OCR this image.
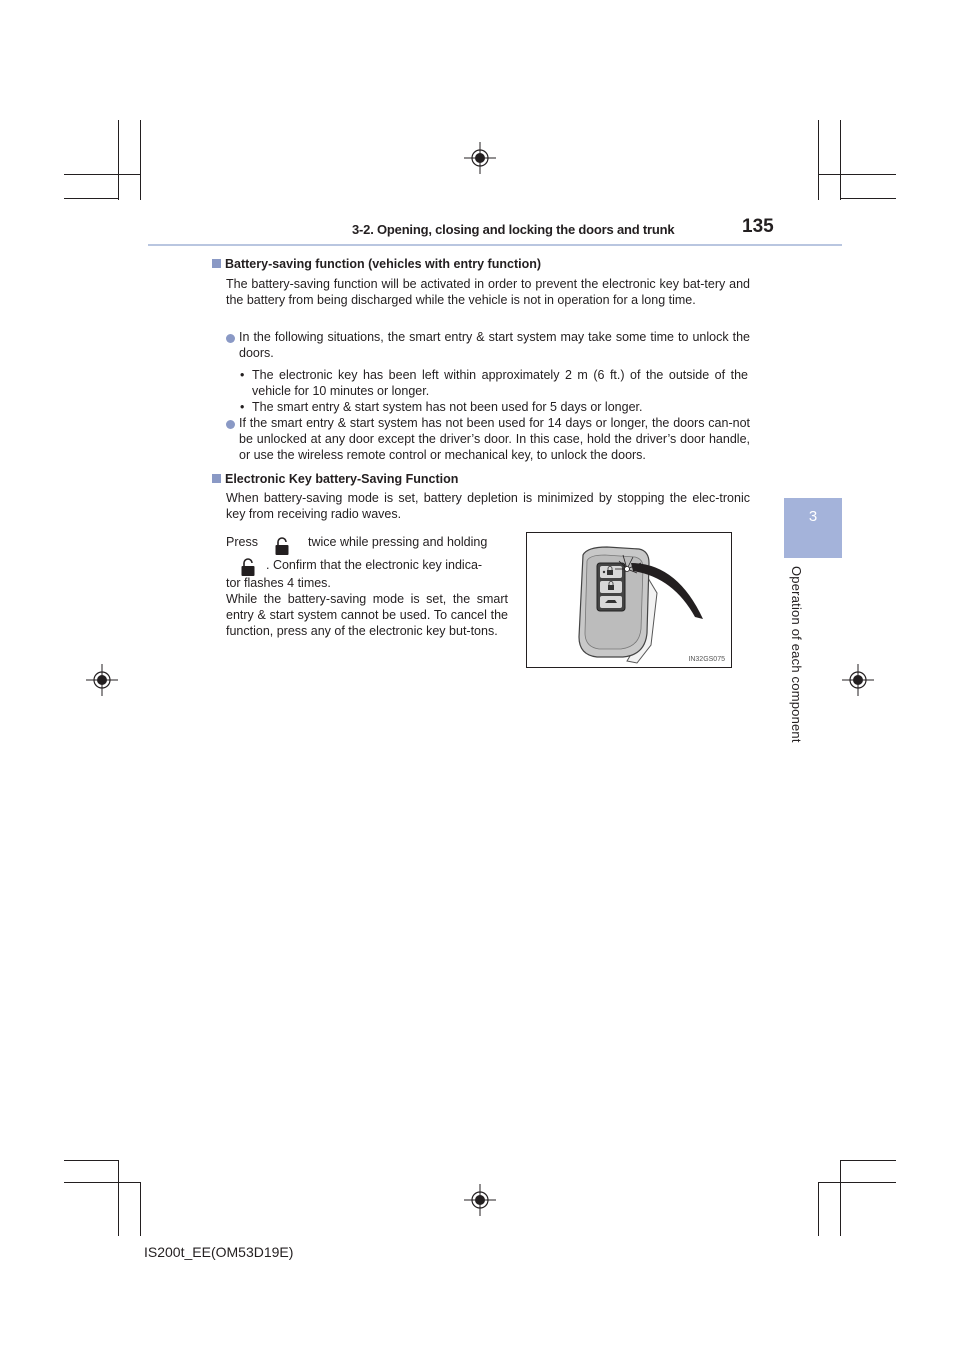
3-2. Opening, closing and locking the doors and trunk	135
3
Operation of each component
Battery-saving function (vehicles with entry function)
The battery-saving function will be activated in order to prevent the electronic key bat-tery and the battery from being discharged while the vehicle is not in operation for a long time.
In the following situations, the smart entry & start system may take some time to unlock the doors.
• The electronic key has been left within approximately 2 m (6 ft.) of the outside of the vehicle for 10 minutes or longer.
• The smart entry & start system has not been used for 5 days or longer.
If the smart entry & start system has not been used for 14 days or longer, the doors can-not be unlocked at any door except the driver’s door. In this case, hold the driver’s door handle, or use the wireless remote control or mechanical key, to unlock the doors.
Electronic Key battery-Saving Function
When battery-saving mode is set, battery depletion is minimized by stopping the elec-tronic key from receiving radio waves.
Press	twice while pressing and holding
. Confirm that the electronic key indica-
tor flashes 4 times.
While the battery-saving mode is set, the smart entry & start system cannot be used. To cancel the function, press any of the electronic key but-tons.
IN32GS075
IS200t_EE(OM53D19E)
